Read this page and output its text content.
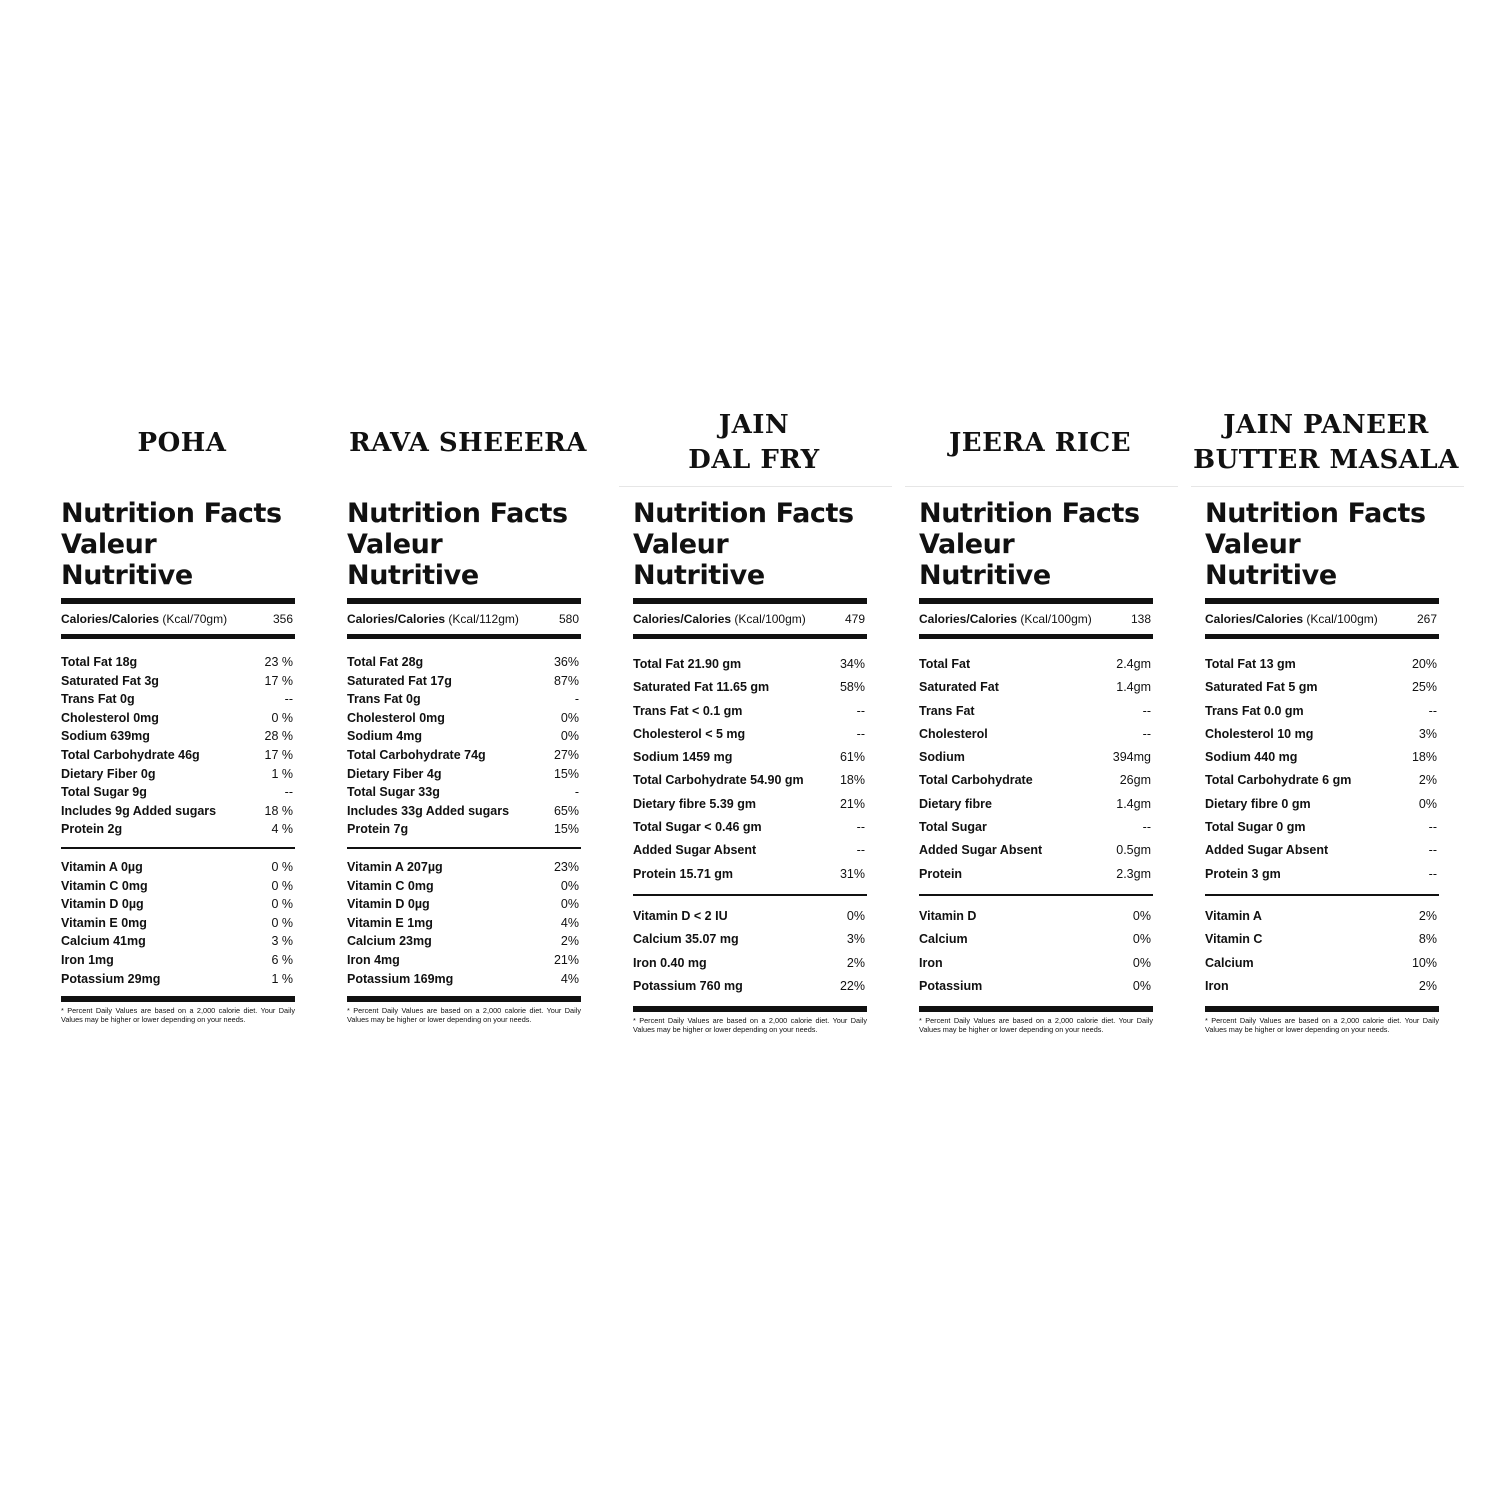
POHA
Nutrition Facts
Valeur Nutritive
Calories/Calories (Kcal/70gm)	356
Total Fat 18g	23 %
Saturated Fat 3g	17 %
Trans Fat 0g	--
Cholesterol 0mg	0 %
Sodium 639mg	28 %
Total Carbohydrate 46g	17 %
Dietary Fiber 0g	1 %
Total Sugar 9g	--
Includes 9g Added sugars	18 %
Protein 2g	4 %
Vitamin A 0µg	0 %
Vitamin C 0mg	0 %
Vitamin D 0µg	0 %
Vitamin E 0mg	0 %
Calcium 41mg	3 %
Iron 1mg	6 %
Potassium 29mg	1 %
* Percent Daily Values are based on a 2,000 calorie diet. Your Daily Values may be higher or lower depending on your needs.
RAVA SHEEERA
Nutrition Facts
Valeur Nutritive
Calories/Calories (Kcal/112gm)	580
Total Fat 28g	36%
Saturated Fat 17g	87%
Trans Fat 0g	-
Cholesterol 0mg	0%
Sodium 4mg	0%
Total Carbohydrate 74g	27%
Dietary Fiber 4g	15%
Total Sugar 33g	-
Includes 33g Added sugars	65%
Protein 7g	15%
Vitamin A 207µg	23%
Vitamin C 0mg	0%
Vitamin D 0µg	0%
Vitamin E 1mg	4%
Calcium 23mg	2%
Iron 4mg	21%
Potassium 169mg	4%
* Percent Daily Values are based on a 2,000 calorie diet. Your Daily Values may be higher or lower depending on your needs.
JAIN
DAL FRY
Nutrition Facts
Valeur Nutritive
Calories/Calories (Kcal/100gm)	479
Total Fat 21.90 gm	34%
Saturated Fat 11.65 gm	58%
Trans Fat < 0.1 gm	--
Cholesterol < 5 mg	--
Sodium 1459 mg	61%
Total Carbohydrate 54.90 gm	18%
Dietary fibre 5.39 gm	21%
Total Sugar < 0.46 gm	--
Added Sugar Absent	--
Protein 15.71 gm	31%
Vitamin D < 2 IU	0%
Calcium 35.07 mg	3%
Iron 0.40 mg	2%
Potassium 760 mg	22%
* Percent Daily Values are based on a 2,000 calorie diet. Your Daily Values may be higher or lower depending on your needs.
JEERA RICE
Nutrition Facts
Valeur Nutritive
Calories/Calories (Kcal/100gm)	138
Total Fat	2.4gm
Saturated Fat	1.4gm
Trans Fat	--
Cholesterol	--
Sodium	394mg
Total Carbohydrate	26gm
Dietary fibre	1.4gm
Total Sugar	--
Added Sugar Absent	0.5gm
Protein	2.3gm
Vitamin D	0%
Calcium	0%
Iron	0%
Potassium	0%
* Percent Daily Values are based on a 2,000 calorie diet. Your Daily Values may be higher or lower depending on your needs.
JAIN PANEER
BUTTER MASALA
Nutrition Facts
Valeur Nutritive
Calories/Calories (Kcal/100gm)	267
Total Fat 13 gm	20%
Saturated Fat 5 gm	25%
Trans Fat 0.0 gm	--
Cholesterol 10 mg	3%
Sodium 440 mg	18%
Total Carbohydrate 6 gm	2%
Dietary fibre 0 gm	0%
Total Sugar 0 gm	--
Added Sugar Absent	--
Protein 3 gm	--
Vitamin A	2%
Vitamin C	8%
Calcium	10%
Iron	2%
* Percent Daily Values are based on a 2,000 calorie diet. Your Daily Values may be higher or lower depending on your needs.
